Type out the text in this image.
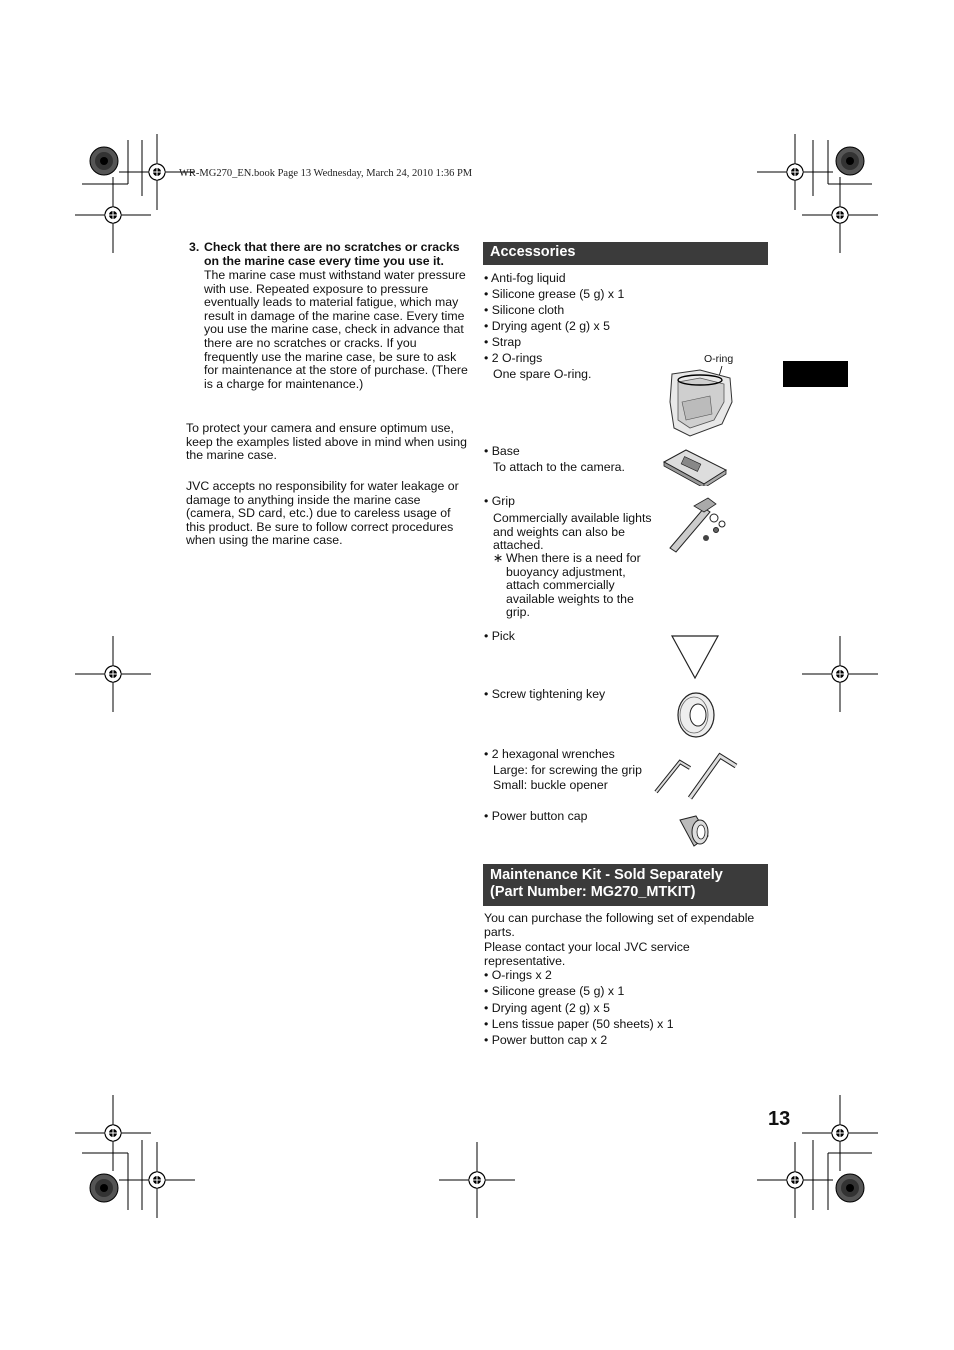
WR-MG270_EN.book Page 13 Wednesday, March 24, 2010 1:36 PM
3. Check that there are no scratches or cracks on the marine case every time you use it.
The marine case must withstand water pressure with use. Repeated exposure to pressure eventually leads to material fatigue, which may result in damage of the marine case. Every time you use the marine case, check in advance that there are no scratches or cracks. If you frequently use the marine case, be sure to ask for maintenance at the store of purchase. (There is a charge for maintenance.)
To protect your camera and ensure optimum use, keep the examples listed above in mind when using the marine case.
JVC accepts no responsibility for water leakage or damage to anything inside the marine case (camera, SD card, etc.) due to careless usage of this product. Be sure to follow correct procedures when using the marine case.
Accessories
• Anti-fog liquid
• Silicone grease (5 g) x 1
• Silicone cloth
• Drying agent (2 g) x 5
• Strap
• 2 O-rings
One spare O-ring.
O-ring
• Base
To attach to the camera.
• Grip
Commercially available lights and weights can also be attached.
∗ When there is a need for buoyancy adjustment, attach commercially available weights to the grip.
• Pick
• Screw tightening key
• 2 hexagonal wrenches
Large: for screwing the grip
Small: buckle opener
• Power button cap
Maintenance Kit - Sold Separately
(Part Number: MG270_MTKIT)
You can purchase the following set of expendable parts.
Please contact your local JVC service representative.
• O-rings x 2
• Silicone grease (5 g) x 1
• Drying agent (2 g) x 5
• Lens tissue paper (50 sheets) x 1
• Power button cap x 2
13
